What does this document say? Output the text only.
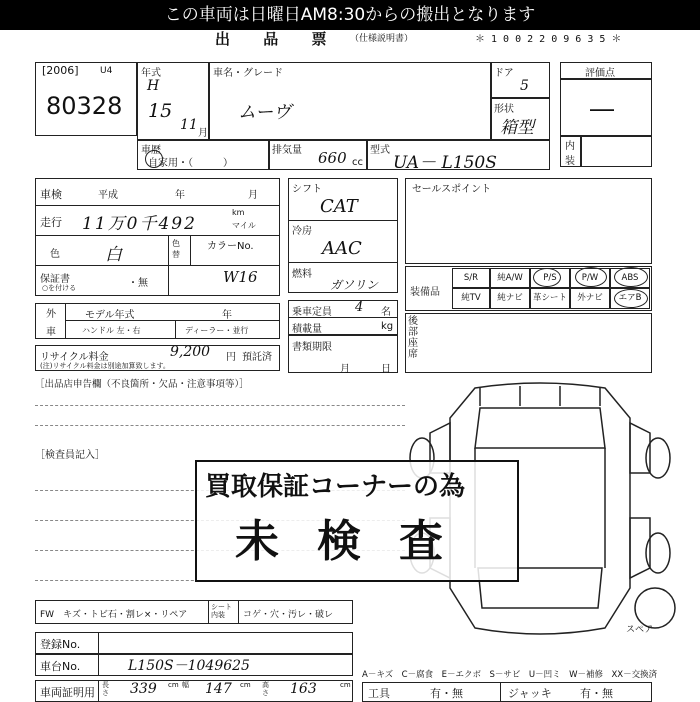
この車両は日曜日AM8:30からの搬出となります
出 品 票 （仕様説明書）	＊ 1 0 0 2 2 0 9 6 3 5 ＊
[2006] U4
80328
年式
H
15
11
月
車名・グレード
ムーヴ
ドア
5
形状
箱型
評価点
―
内装
車歴
自家用・（　　　）
排気量 660 cc
型式
UA－ L150S
車検	平成	年	月
走行 11万0千492
km
マイル
色	白
色替
カラーNo.
W16
保証書	・無
○を付ける
外
車
モデル年式	年
ハンドル 左・右	ディーラー・並行
リサイクル料金	9,200 円 預託済
(注)リサイクル料金は別途加算致します。
シフト
CAT
冷房
AAC
燃料
ガソリン
乗車定員 4 名
積載量	kg
書類期限
月	日
セールスポイント
装備品
S/R	純A/W	P/S	P/W	ABS
純TV	純ナビ	革シート	外ナビ	エアB
後部座席
［出品店申告欄（不良箇所・欠品・注意事項等）］
［検査員記入］
スペア
買取保証コーナーの為
未検査
FW　キズ・トビ石・割レ×・リペア
シート内装	コゲ・穴・汚レ・破レ
登録No.
車台No.	L150S－1049625
車両証明用
長さ 339 cm 幅 147 cm 高さ 163	cm
A－キズ　C－腐食　E－エクボ　S－サビ　U－凹ミ　W－補修　XX－交換済
工具	有・無	ジャッキ	有・無
